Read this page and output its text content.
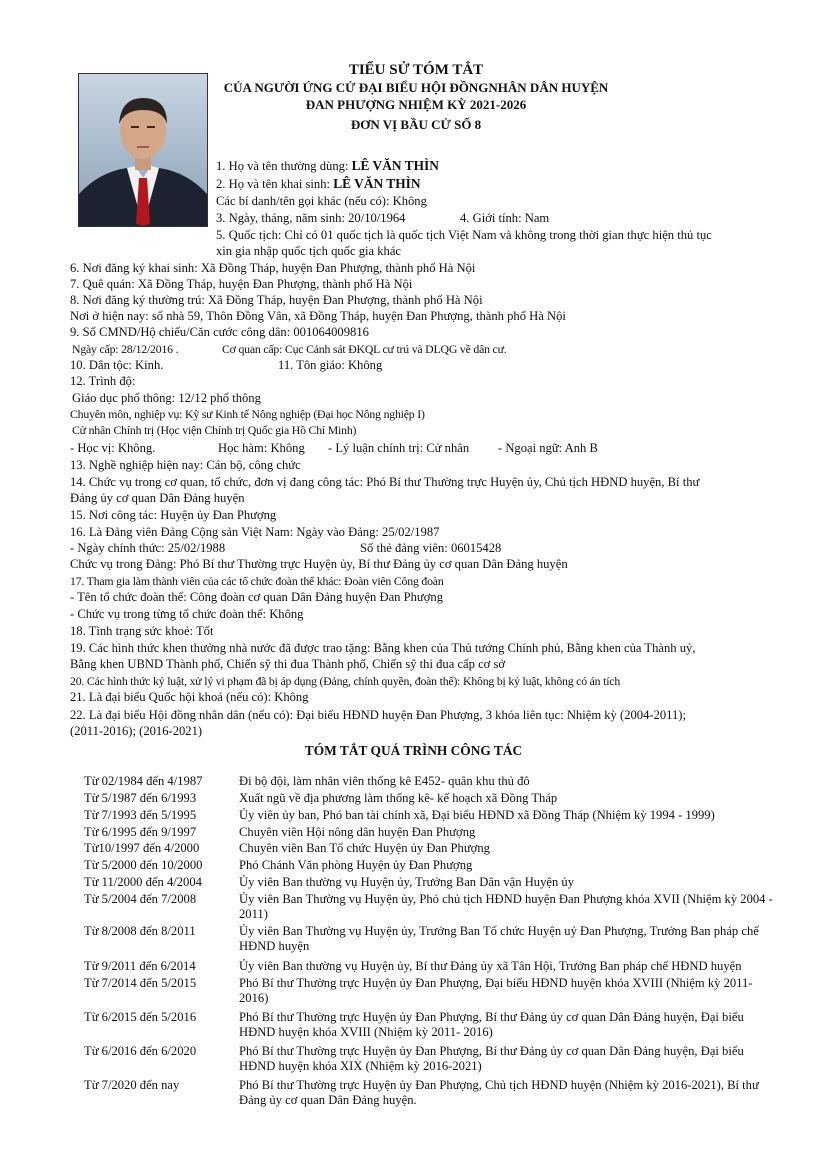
TIỂU SỬ TÓM TẮT
CỦA NGƯỜI ỨNG CỬ ĐẠI BIỂU HỘI ĐỒNGNHÂN DÂN HUYỆN
ĐAN PHƯỢNG NHIỆM KỲ 2021-2026
ĐƠN VỊ BẦU CỬ SỐ 8
1. Họ và tên thường dùng: LÊ VĂN THÌN
2. Họ và tên khai sinh: LÊ VĂN THÌN
Các bí danh/tên gọi khác (nếu có): Không
3. Ngày, tháng, năm sinh: 20/10/1964	4. Giới tính: Nam
5. Quốc tịch: Chỉ có 01 quốc tịch là quốc tịch Việt Nam và không trong thời gian thực hiện thủ tục
xin gia nhập quốc tịch quốc gia khác
6. Nơi đăng ký khai sinh: Xã Đồng Tháp, huyện Đan Phượng, thành phố Hà Nội
7. Quê quán: Xã Đồng Tháp, huyện Đan Phượng, thành phố Hà Nội
8. Nơi đăng ký thường trú: Xã Đồng Tháp, huyện Đan Phượng, thành phố Hà Nội
Nơi ở hiện nay: số nhà 59, Thôn Đồng Vân, xã Đồng Tháp, huyện Đan Phượng, thành phố Hà Nội
9. Số CMND/Hộ chiếu/Căn cước công dân: 001064009816
Ngày cấp: 28/12/2016 .	Cơ quan cấp: Cục Cảnh sát ĐKQL cư trú và DLQG về dân cư.
10. Dân tộc: Kinh.	11. Tôn giáo: Không
12. Trình độ:
Giáo dục phổ thông: 12/12 phổ thông
Chuyên môn, nghiệp vụ: Kỹ sư Kinh tế Nông nghiệp (Đại học Nông nghiệp I)
Cử nhân Chính trị (Học viện Chính trị Quốc gia Hồ Chí Minh)
- Học vị: Không.	Học hàm: Không - Lý luận chính trị: Cử nhân - Ngoại ngữ: Anh B
13. Nghề nghiệp hiện nay: Cán bộ, công chức
14. Chức vụ trong cơ quan, tổ chức, đơn vị đang công tác: Phó Bí thư Thường trực Huyện ủy, Chủ tịch HĐND huyện, Bí thư
Đảng ủy cơ quan Dân Đảng huyện
15. Nơi công tác: Huyện ủy Đan Phượng
16. Là Đảng viên Đảng Cộng sản Việt Nam: Ngày vào Đảng: 25/02/1987
- Ngày chính thức: 25/02/1988	Số thẻ đảng viên: 06015428
Chức vụ trong Đảng: Phó Bí thư Thường trực Huyện ủy, Bí thư Đảng ủy cơ quan Dân Đảng huyện
17. Tham gia làm thành viên của các tổ chức đoàn thể khác: Đoàn viên Công đoàn
- Tên tổ chức đoàn thể: Công đoàn cơ quan Dân Đảng huyện Đan Phượng
- Chức vụ trong từng tổ chức đoàn thể: Không
18. Tình trạng sức khoẻ: Tốt
19. Các hình thức khen thưởng nhà nước đã được trao tặng: Bằng khen của Thủ tướng Chính phủ, Bằng khen của Thành uỷ,
Bằng khen UBND Thành phố, Chiến sỹ thi đua Thành phố, Chiến sỹ thi đua cấp cơ sở
20. Các hình thức kỷ luật, xử lý vi phạm đã bị áp dụng (Đảng, chính quyền, đoàn thể): Không bị kỷ luật, không có án tích
21. Là đại biểu Quốc hội khoá (nếu có): Không
22. Là đại biểu Hội đồng nhân dân (nếu có): Đại biểu HĐND huyện Đan Phượng, 3 khóa liên tục: Nhiệm kỳ (2004-2011);
(2011-2016); (2016-2021)
TÓM TẮT QUÁ TRÌNH CÔNG TÁC
Từ 02/1984 đến 4/1987	Đi bộ đội, làm nhân viên thống kê E452- quân khu thủ đô
Từ 5/1987 đến 6/1993	Xuất ngũ về địa phương làm thống kê- kế hoạch xã Đồng Tháp
Từ 7/1993 đến 5/1995	Ủy viên ủy ban, Phó ban tài chính xã, Đại biểu HĐND xã Đồng Tháp (Nhiệm kỳ 1994 - 1999)
Từ 6/1995 đến 9/1997	Chuyên viên Hội nông dân huyện Đan Phượng
Từ10/1997 đến 4/2000	Chuyên viên Ban Tổ chức Huyện ủy Đan Phượng
Từ 5/2000 đến 10/2000	Phó Chánh Văn phòng Huyện ủy Đan Phượng
Từ 11/2000 đến 4/2004	Ủy viên Ban thường vụ Huyện ủy, Trưởng Ban Dân vận Huyện ủy
Từ 5/2004 đến 7/2008	Ủy viên Ban Thường vụ Huyện ủy, Phó chủ tịch HĐND huyện Đan Phượng khóa XVII (Nhiệm kỳ 2004 - 2011)
Từ 8/2008 đến 8/2011	Ủy viên Ban Thường vụ Huyện ủy, Trưởng Ban Tổ chức Huyện uỷ Đan Phượng, Trưởng Ban pháp chế HĐND huyện
Từ 9/2011 đến 6/2014	Ủy viên Ban thường vụ Huyện ủy, Bí thư Đảng ủy xã Tân Hội, Trưởng Ban pháp chế HĐND huyện
Từ 7/2014 đến 5/2015	Phó Bí thư Thường trực Huyện ủy Đan Phượng, Đại biểu HĐND huyện khóa XVIII (Nhiệm kỳ 2011- 2016)
Từ 6/2015 đến 5/2016	Phó Bí thư Thường trực Huyện ủy Đan Phượng, Bí thư Đảng ủy cơ quan Dân Đảng huyện, Đại biểu HĐND huyện khóa XVIII (Nhiệm kỳ 2011- 2016)
Từ 6/2016 đến 6/2020	Phó Bí thư Thường trực Huyện ủy Đan Phượng, Bí thư Đảng ủy cơ quan Dân Đảng huyện, Đại biểu HĐND huyện khóa XIX (Nhiệm kỳ 2016-2021)
Từ 7/2020 đến nay	Phó Bí thư Thường trực Huyện ủy Đan Phượng, Chủ tịch HĐND huyện (Nhiệm kỳ 2016-2021), Bí thư Đảng ủy cơ quan Dân Đảng huyện.
